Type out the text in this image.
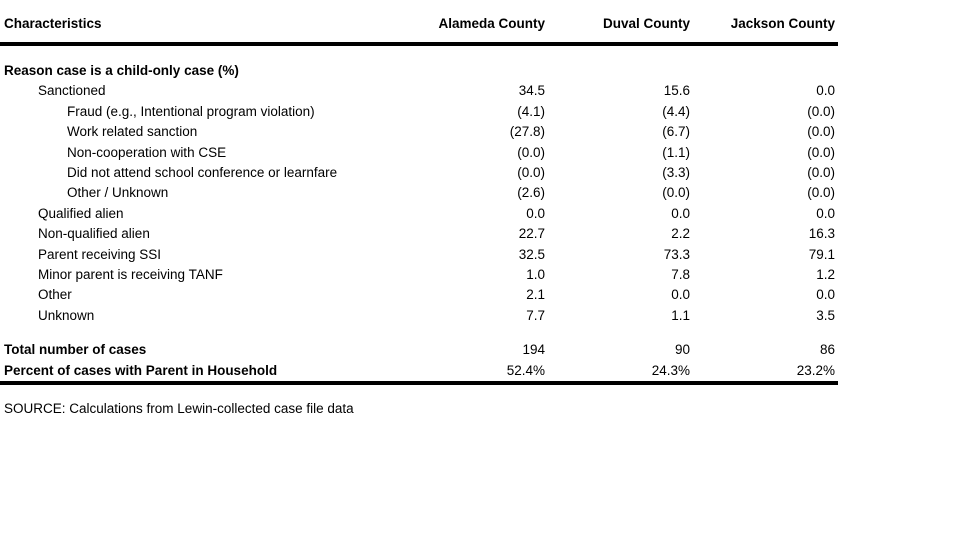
Characteristics	Alameda County	Duval County	Jackson County
Reason case is a child-only case (%)
Sanctioned	34.5	15.6	0.0
Fraud (e.g., Intentional program violation)	(4.1)	(4.4)	(0.0)
Work related sanction	(27.8)	(6.7)	(0.0)
Non-cooperation with CSE	(0.0)	(1.1)	(0.0)
Did not attend school conference or learnfare	(0.0)	(3.3)	(0.0)
Other / Unknown	(2.6)	(0.0)	(0.0)
Qualified alien	0.0	0.0	0.0
Non-qualified alien	22.7	2.2	16.3
Parent receiving SSI	32.5	73.3	79.1
Minor parent is receiving TANF	1.0	7.8	1.2
Other	2.1	0.0	0.0
Unknown	7.7	1.1	3.5
Total number of cases	194	90	86
Percent of cases with Parent in Household	52.4%	24.3%	23.2%
SOURCE: Calculations from Lewin-collected case file data
